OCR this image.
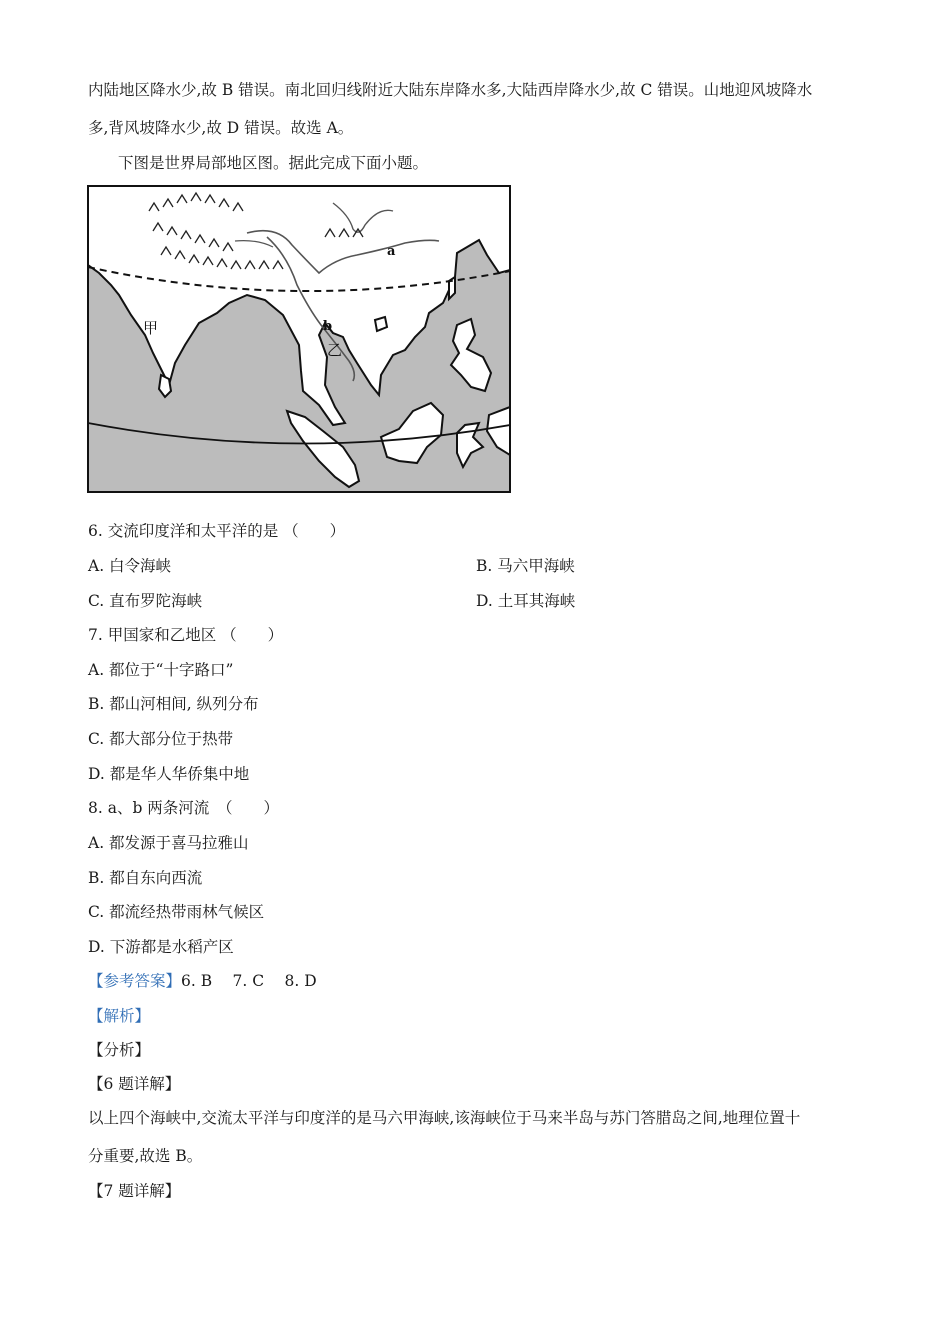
内陆地区降水少,故 B 错误。南北回归线附近大陆东岸降水多,大陆西岸降水少,故 C 错误。山地迎风坡降水
多,背风坡降水少,故 D 错误。故选 A。
下图是世界局部地区图。据此完成下面小题。
甲
乙
a
b
6. 交流印度洋和太平洋的是 （　　）
A. 白令海峡	B. 马六甲海峡
C. 直布罗陀海峡	D. 土耳其海峡
7. 甲国家和乙地区 （　　）
A. 都位于“十字路口”
B. 都山河相间, 纵列分布
C. 都大部分位于热带
D. 都是华人华侨集中地
8. a、b 两条河流　（　　）
A. 都发源于喜马拉雅山
B. 都自东向西流
C. 都流经热带雨林气候区
D. 下游都是水稻产区
【参考答案】6. B　 7. C　 8. D
【解析】
【分析】
【6 题详解】
以上四个海峡中,交流太平洋与印度洋的是马六甲海峡,该海峡位于马来半岛与苏门答腊岛之间,地理位置十
分重要,故选 B。
【7 题详解】
